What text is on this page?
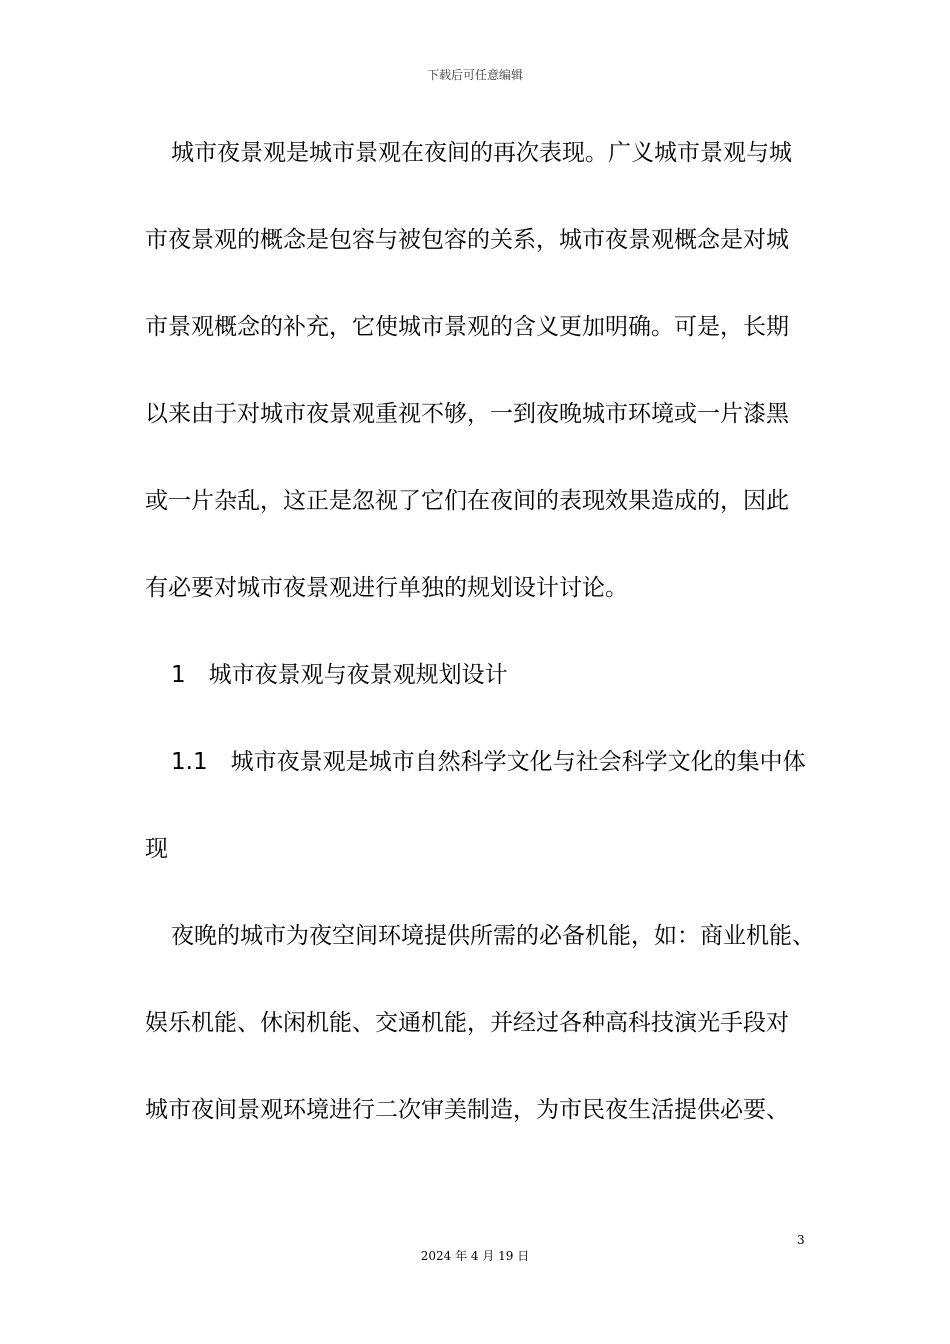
下载后可任意编辑
城市夜景观是城市景观在夜间的再次表现。广义城市景观与城
市夜景观的概念是包容与被包容的关系，城市夜景观概念是对城
市景观概念的补充，它使城市景观的含义更加明确。可是，长期
以来由于对城市夜景观重视不够，一到夜晚城市环境或一片漆黑
或一片杂乱，这正是忽视了它们在夜间的表现效果造成的，因此
有必要对城市夜景观进行单独的规划设计讨论。
1　城市夜景观与夜景观规划设计
1.1　城市夜景观是城市自然科学文化与社会科学文化的集中体
现
夜晚的城市为夜空间环境提供所需的必备机能，如：商业机能、
娱乐机能、休闲机能、交通机能，并经过各种高科技演光手段对
城市夜间景观环境进行二次审美制造，为市民夜生活提供必要、
3
2024 年 4 月 19 日
